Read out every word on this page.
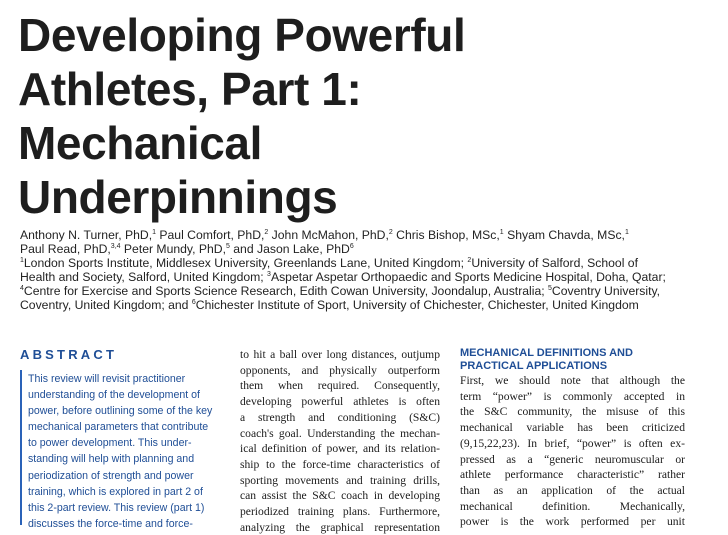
Developing Powerful
Athletes, Part 1:
Mechanical
Underpinnings
Anthony N. Turner, PhD,$^1$ Paul Comfort, PhD,$^2$ John McMahon, PhD,$^2$ Chris Bishop, MSc,$^1$ Shyam Chavda, MSc,$^1$
Paul Read, PhD,$^{3,4}$ Peter Mundy, PhD,$^5$ and Jason Lake, PhD$^6$
$^1$London Sports Institute, Middlesex University, Greenlands Lane, United Kingdom; $^2$University of Salford, School of
Health and Society, Salford, United Kingdom; $^3$Aspetar Aspetar Orthopaedic and Sports Medicine Hospital, Doha, Qatar;
$^4$Centre for Exercise and Sports Science Research, Edith Cowan University, Joondalup, Australia; $^5$Coventry University,
Coventry, United Kingdom; and $^6$Chichester Institute of Sport, University of Chichester, Chichester, United Kingdom
ABSTRACT
This review will revisit practitioner
understanding of the development of
power, before outlining some of the key
mechanical parameters that contribute
to power development. This under-
standing will help with planning and
periodization of strength and power
training, which is explored in part 2 of
this 2-part review. This review (part 1)
discusses the force-time and force-
to hit a ball over long distances, outjump
opponents, and physically outperform
them when required. Consequently,
developing powerful athletes is often
a strength and conditioning (S&C)
coach's goal. Understanding the mechan-
ical definition of power, and its relation-
ship to the force-time characteristics of
sporting movements and training drills,
can assist the S&C coach in developing
periodized training plans. Furthermore,
analyzing the graphical representation
MECHANICAL DEFINITIONS AND
PRACTICAL APPLICATIONS
First, we should note that although the
term “power” is commonly accepted in
the S&C community, the misuse of this
mechanical variable has been criticized
(9,15,22,23). In brief, “power” is often ex-
pressed as a “generic neuromuscular or
athlete performance characteristic” rather
than as an application of the actual
mechanical definition. Mechanically,
power is the work performed per unit
